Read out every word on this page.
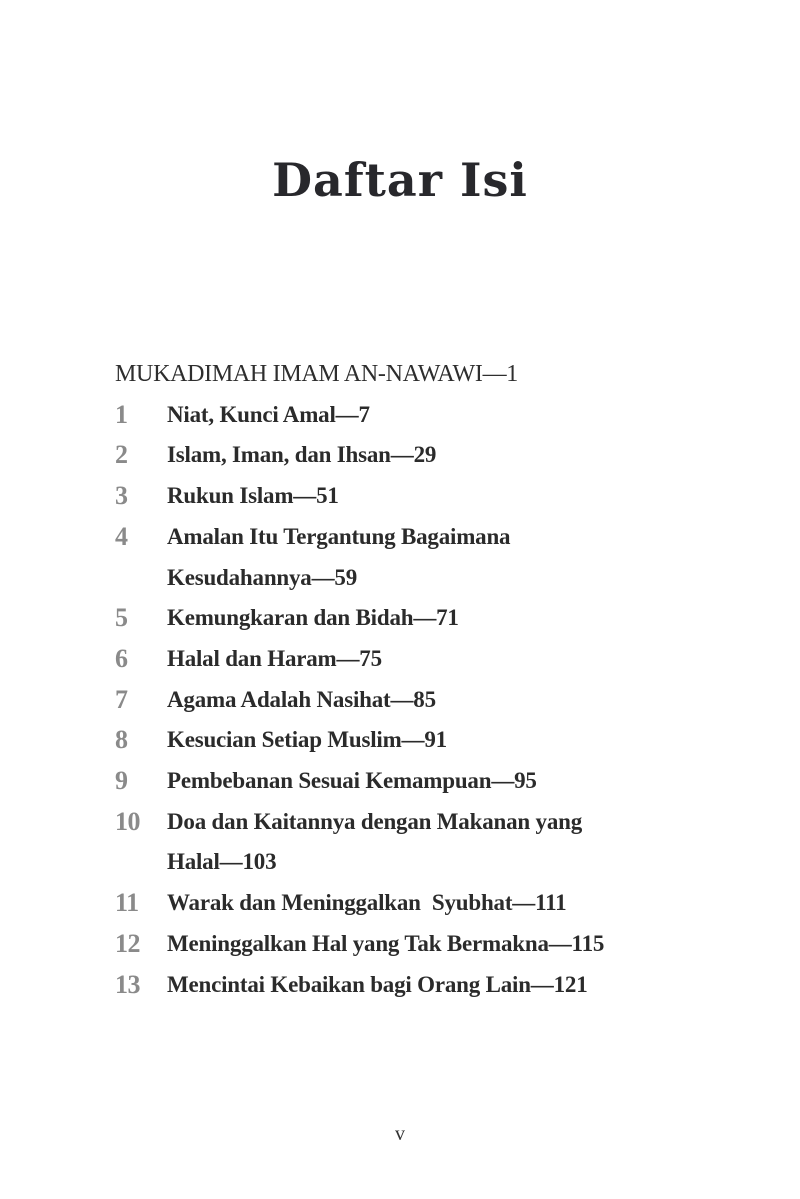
Daftar Isi
MUKADIMAH IMAM AN-NAWAWI—1
1	Niat, Kunci Amal—7
2	Islam, Iman, dan Ihsan—29
3	Rukun Islam—51
4	Amalan Itu Tergantung Bagaimana
Kesudahannya—59
5	Kemungkaran dan Bidah—71
6	Halal dan Haram—75
7	Agama Adalah Nasihat—85
8	Kesucian Setiap Muslim—91
9	Pembebanan Sesuai Kemampuan—95
10	Doa dan Kaitannya dengan Makanan yang
Halal—103
11	Warak dan Meninggalkan  Syubhat—111
12	Meninggalkan Hal yang Tak Bermakna—115
13	Mencintai Kebaikan bagi Orang Lain—121
v
